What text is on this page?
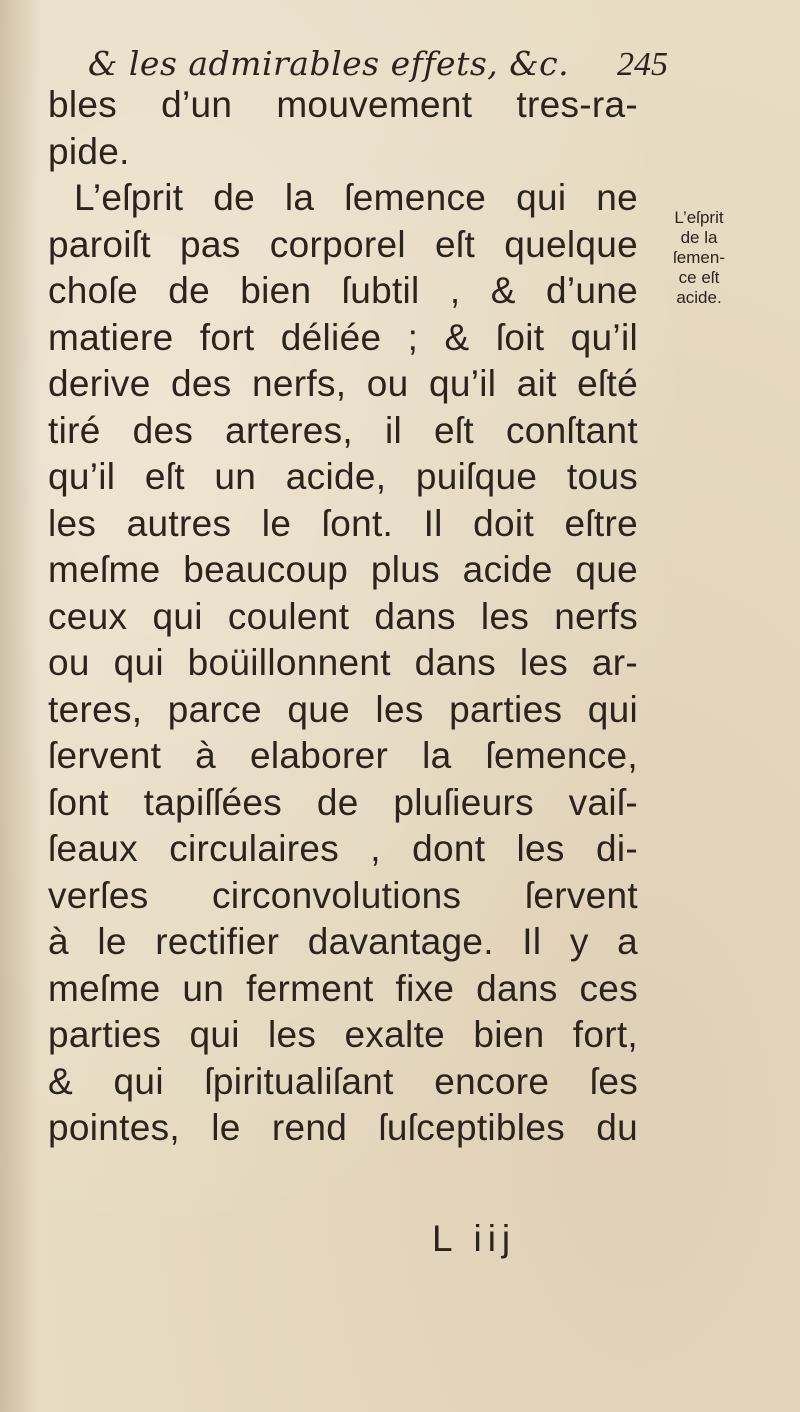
& les admirables effets, &c. 245
bles d’un mouvement tres-ra-
pide.
L’eſprit de la ſemence qui ne
paroiſt pas corporel eſt quelque
choſe de bien ſubtil , & d’une
matiere fort déliée ; & ſoit qu’il
derive des nerfs, ou qu’il ait eſté
tiré des arteres, il eſt conſtant
qu’il eſt un acide, puiſque tous
les autres le ſont. Il doit eſtre
meſme beaucoup plus acide que
ceux qui coulent dans les nerfs
ou qui boüillonnent dans les ar-
teres, parce que les parties qui
ſervent à elaborer la ſemence,
ſont tapiſſées de pluſieurs vaiſ-
ſeaux circulaires , dont les di-
verſes circonvolutions ſervent
à le rectifier davantage. Il y a
meſme un ferment fixe dans ces
parties qui les exalte bien fort,
& qui ſpiritualiſant encore ſes
pointes, le rend ſuſceptibles du
L’eſprit
de la
ſemen-
ce eſt
acide.
L iij
